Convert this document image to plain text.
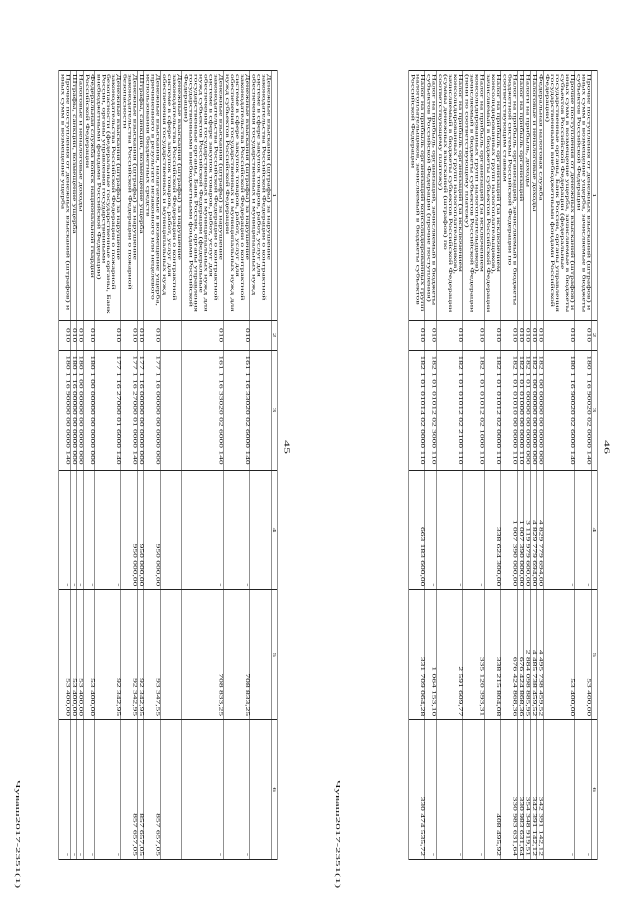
45
Чуваш2017-2351(1)
1	2	3	4	5	6
Денежные взыскания (штрафы) за нарушение законодательства Российской Федерации о контрактной системе в сфере закупок товаров, работ, услуг для обеспечения государственных и муниципальных нужд					
Денежные взыскания (штрафы) за нарушение законодательства Российской Федерации о контрактной системе в сфере закупок товаров, работ, услуг для обеспечения государственных и муниципальных нужд для нужд субъектов Российской Федерации	010	161 1 16 33020 02 6000 140	-	708 833,25	-
Денежные взыскания (штрафы) за нарушение законодательства Российской Федерации о контрактной системе в сфере закупок товаров, работ, услуг для обеспечения государственных и муниципальных нужд для нужд субъектов Российской Федерации (федеральные государственные органы, Банк России, органы управления государственными внебюджетными фондами Российской Федерации)	010	161 1 16 33020 02 6000 140	-	708 833,25	-
Денежные взыскания (штрафы) за нарушение законодательства Российской Федерации о контрактной системе в сфере закупок товаров, работ, услуг для обеспечения государственных и муниципальных нужд					
Денежные взыскания, налагаемые в возмещение ущерба, причиненного в результате незаконного или нецелевого использования бюджетных средств	010	177 1 16 00000 00 0000 000	950 000,00	93 347,55	857 657,05
Штрафы, санкции, возмещение ущерба	010	177 1 16 00000 00 0000 000	950 000,00	92 342,95	857 657,05
Денежные взыскания (штрафы) за нарушение законодательства Российской Федерации о пожарной безопасности	010	177 1 16 27000 01 0000 140	950 000,00	92 342,95	857 657,05
Денежные взыскания (штрафы) за нарушение законодательства Российской Федерации о пожарной безопасности (федеральные государственные органы, Банк России, органы управления государственными внебюджетными фондами Российской Федерации)	010	177 1 16 27000 01 6000 140	-	92 342,95	-
Федеральная служба войск национальной гвардии Российской Федерации	010	180 1 00 00000 00 0000 000	-	53 400,00	-
Налоговые и неналоговые доходы	010	180 1 00 00000 00 0000 000	-	53 400,00	-
Штрафы, санкции, возмещение ущерба	010	180 1 16 00000 00 0000 000	-	53 400,00	-
Прочие поступления от денежных взысканий (штрафов) и иных сумм в возмещение ущерба	010	180 1 16 90000 00 0000 140	-	53 400,00	-
46
Чуваш2017-2351(1)
1	2	3	4	5	6
Прочие поступления от денежных взысканий (штрафов) и иных сумм в возмещение ущерба, зачисляемые в бюджеты субъектов Российской Федерации	010	180 1 16 90020 02 0000 140	-	53 400,00	-
Прочие поступления от денежных взысканий (штрафов) и иных сумм в возмещение ущерба, зачисляемые в бюджеты субъектов Российской Федерации (федеральные государственные органы, Банк России, органы управления государственными внебюджетными фондами Российской Федерации)	010	180 1 16 90020 02 6000 140	-	53 400,00	-
Федеральная налоговая служба	010	182 1 00 00000 00 0000 000	4 829 779 694,00	4 495 738 459,52	342 391 142,12
Налоговые и неналоговые доходы	010	182 1 00 00000 00 0000 000	4 829 779 694,00	4 485 738 459,52	342 391 142,12
Налоги на прибыль, доходы	010	182 1 01 00000 00 0000 000	3 119 979 600,00	2 884 098 885,95	354 348 919,51
Налог на прибыль организаций	010	182 1 01 01000 00 0000 110	1 007 390 000,00	676 424 868,36	330 983 631,64
Налог на прибыль организаций, зачисляемый в бюджеты бюджетной системы Российской Федерации по соответствующим ставкам	010	182 1 01 01010 00 0000 110	1 007 390 000,00	676 424 868,36	330 983 631,64
Налог на прибыль организаций (за исключением консолидированных групп налогоплательщиков), зачисляемый в бюджеты субъектов Российской Федерации	010	182 1 01 01012 02 0000 110	338 624 300,00	338 215 804,08	408 495,92
Налог на прибыль организаций (за исключением консолидированных групп налогоплательщиков), зачисляемый в бюджеты субъектов Российской Федерации (пени по соответствующему платежу)	010	182 1 01 01012 02 1000 110	-	335 120 393,31	-
Налог на прибыль организаций (за исключением консолидированных групп налогоплательщиков), зачисляемый в бюджеты субъектов Российской Федерации (суммы денежных взысканий (штрафов) по соответствующему платежу)	010	182 1 01 01012 02 2100 110	-	2 591 609,77	-
Налог на прибыль организаций, зачисляемый в бюджеты субъектов Российской Федерации (прочие поступления)	010	182 1 01 01012 02 3000 110	-	1 064 153,10	-
Налог на прибыль организаций консолидированных групп налогоплательщиков, зачисляемый в бюджеты субъектов Российской Федерации	010	182 1 01 01014 02 0000 110	663 183 600,00	331 709 064,28	330 474 535,72
